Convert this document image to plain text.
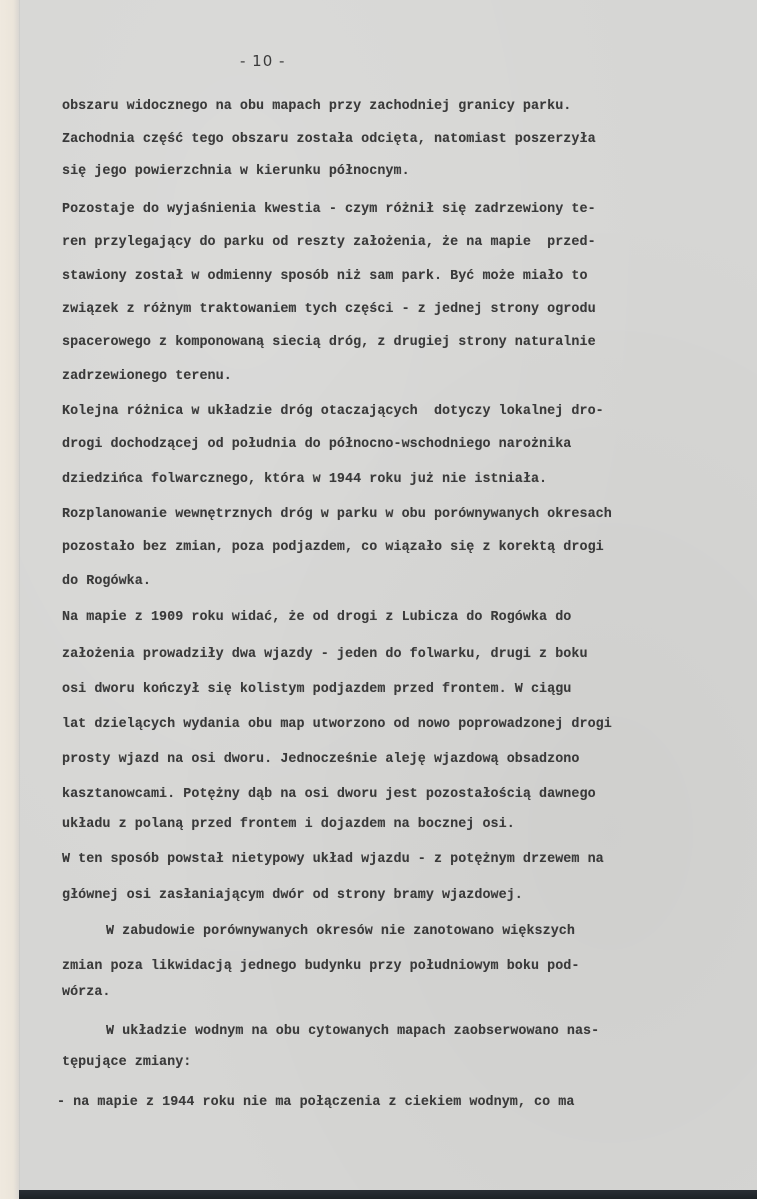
- 10 -
obszaru widocznego na obu mapach przy zachodniej granicy parku.
Zachodnia część tego obszaru została odcięta, natomiast poszerzyła
się jego powierzchnia w kierunku północnym.
Pozostaje do wyjaśnienia kwestia - czym różnił się zadrzewiony te-
ren przylegający do parku od reszty założenia, że na mapie  przed-
stawiony został w odmienny sposób niż sam park. Być może miało to
związek z różnym traktowaniem tych części - z jednej strony ogrodu
spacerowego z komponowaną siecią dróg, z drugiej strony naturalnie
zadrzewionego terenu.
Kolejna różnica w układzie dróg otaczających  dotyczy lokalnej dro-
drogi dochodzącej od południa do północno-wschodniego narożnika
dziedzińca folwarcznego, która w 1944 roku już nie istniała.
Rozplanowanie wewnętrznych dróg w parku w obu porównywanych okresach
pozostało bez zmian, poza podjazdem, co wiązało się z korektą drogi
do Rogówka.
Na mapie z 1909 roku widać, że od drogi z Lubicza do Rogówka do
założenia prowadziły dwa wjazdy - jeden do folwarku, drugi z boku
osi dworu kończył się kolistym podjazdem przed frontem. W ciągu
lat dzielących wydania obu map utworzono od nowo poprowadzonej drogi
prosty wjazd na osi dworu. Jednocześnie aleję wjazdową obsadzono
kasztanowcami. Potężny dąb na osi dworu jest pozostałością dawnego
układu z polaną przed frontem i dojazdem na bocznej osi.
W ten sposób powstał nietypowy układ wjazdu - z potężnym drzewem na
głównej osi zasłaniającym dwór od strony bramy wjazdowej.
W zabudowie porównywanych okresów nie zanotowano większych
zmian poza likwidacją jednego budynku przy południowym boku pod-
wórza.
W układzie wodnym na obu cytowanych mapach zaobserwowano nas-
tępujące zmiany:
- na mapie z 1944 roku nie ma połączenia z ciekiem wodnym, co ma
